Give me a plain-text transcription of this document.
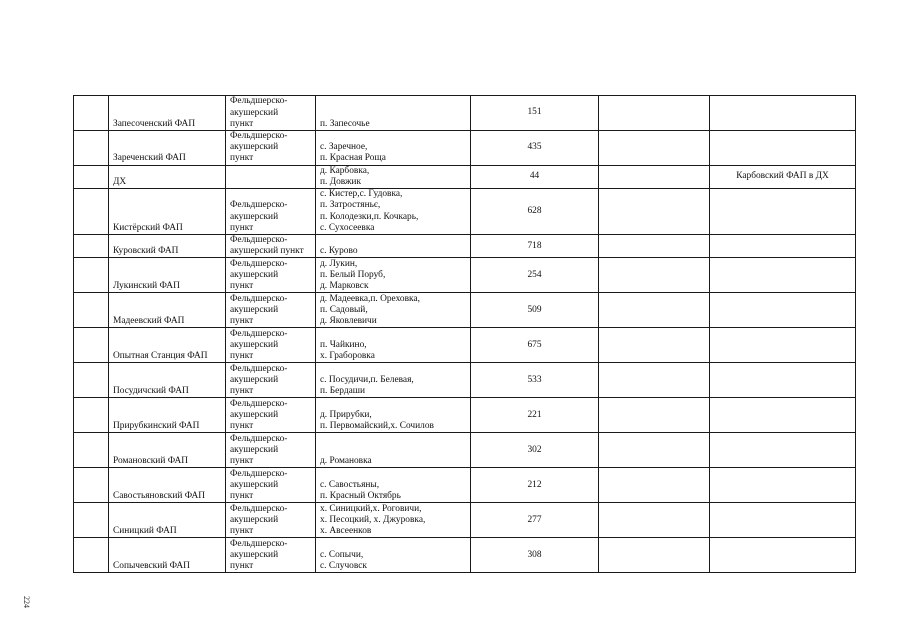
	Запесоченский ФАП	Фельдшерско-
акушерский
пункт	п. Запесочье	151		
	Зареченский ФАП	Фельдшерско-
акушерский
пункт	с. Заречное,
п. Красная Роща	435		
	ДХ		д. Карбовка,
п. Довжик	44		Карбовский ФАП в ДХ
	Кистёрский ФАП	Фельдшерско-
акушерский
пункт	с. Кистер,с. Гудовка,
п. Затростяньє,
п. Колодезки,п. Кочкарь,
с. Сухосеевка	628		
	Куровский ФАП	Фельдшерско-
акушерский пункт	с. Курово	718		
	Лукинский ФАП	Фельдшерско-
акушерский
пункт	д. Лукин,
п. Белый Поруб,
д. Марковск	254		
	Мадеевский ФАП	Фельдшерско-
акушерский
пункт	д. Мадеевка,п. Ореховка,
п. Садовый,
д. Яковлевичи	509		
	Опытная Станция ФАП	Фельдшерско-
акушерский
пункт	п. Чайкино,
х. Граборовка	675		
	Посудичский ФАП	Фельдшерско-
акушерский
пункт	с. Посудичи,п. Белевая,
п. Бердаши	533		
	Прирубкинский ФАП	Фельдшерско-
акушерский
пункт	д. Прирубки,
п. Первомайский,х. Сочилов	221		
	Романовский ФАП	Фельдшерско-
акушерский
пункт	д. Романовка	302		
	Савостьяновский ФАП	Фельдшерско-
акушерский
пункт	с. Савостьяны,
п. Красный Октябрь	212		
	Синицкий ФАП	Фельдшерско-
акушерский
пункт	х. Синицкий,х. Роговичи,
х. Песоцкий, х. Джуровка,
х. Авсеенков	277		
	Сопычевский ФАП	Фельдшерско-
акушерский
пункт	с. Сопычи,
с. Случовск	308		
224
